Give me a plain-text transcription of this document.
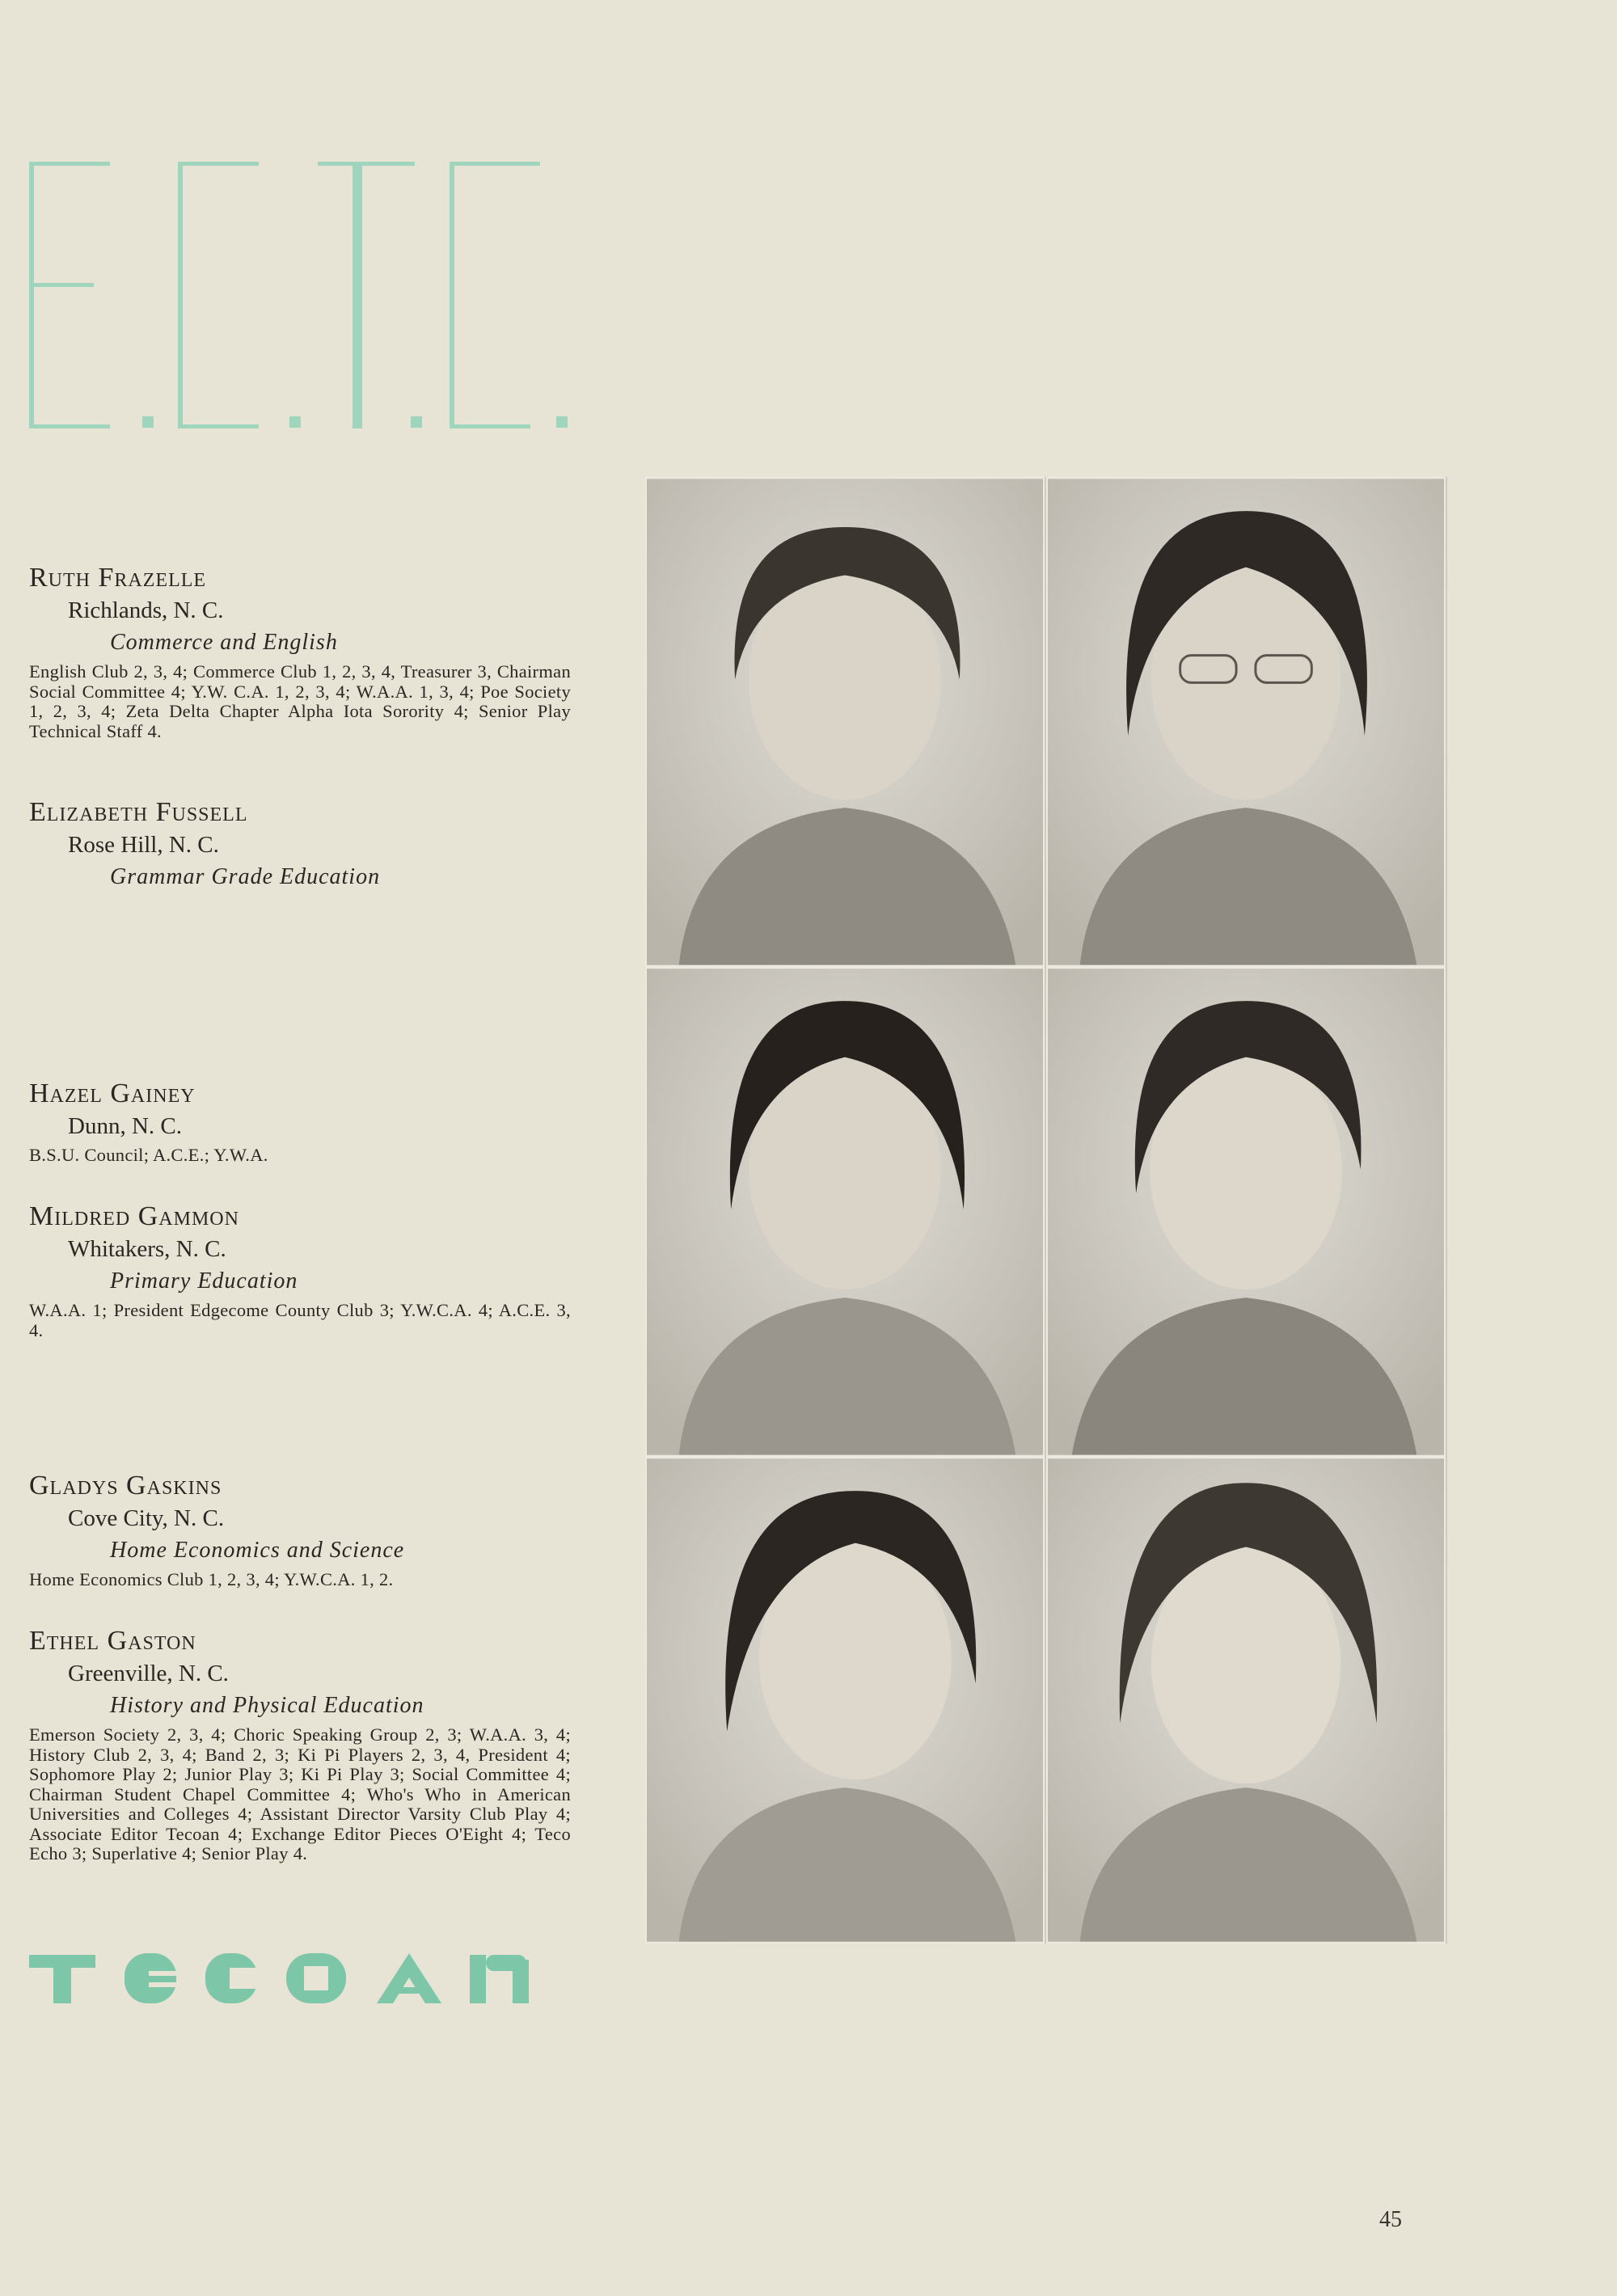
Ruth Frazelle
Richlands, N. C.
Commerce and English
English Club 2, 3, 4; Commerce Club 1, 2, 3, 4, Treasurer 3, Chairman Social Committee 4; Y.W. C.A. 1, 2, 3, 4; W.A.A. 1, 3, 4; Poe Society 1, 2, 3, 4; Zeta Delta Chapter Alpha Iota Sorority 4; Senior Play Technical Staff 4.
Elizabeth Fussell
Rose Hill, N. C.
Grammar Grade Education
Hazel Gainey
Dunn, N. C.
B.S.U. Council; A.C.E.; Y.W.A.
Mildred Gammon
Whitakers, N. C.
Primary Education
W.A.A. 1; President Edgecome County Club 3; Y.W.C.A. 4; A.C.E. 3, 4.
Gladys Gaskins
Cove City, N. C.
Home Economics and Science
Home Economics Club 1, 2, 3, 4; Y.W.C.A. 1, 2.
Ethel Gaston
Greenville, N. C.
History and Physical Education
Emerson Society 2, 3, 4; Choric Speaking Group 2, 3; W.A.A. 3, 4; History Club 2, 3, 4; Band 2, 3; Ki Pi Players 2, 3, 4, President 4; Sophomore Play 2; Junior Play 3; Ki Pi Play 3; Social Committee 4; Chairman Student Chapel Committee 4; Who's Who in American Universities and Colleges 4; Assistant Director Varsity Club Play 4; Associate Editor Tecoan 4; Exchange Editor Pieces O'Eight 4; Teco Echo 3; Superlative 4; Senior Play 4.
45
